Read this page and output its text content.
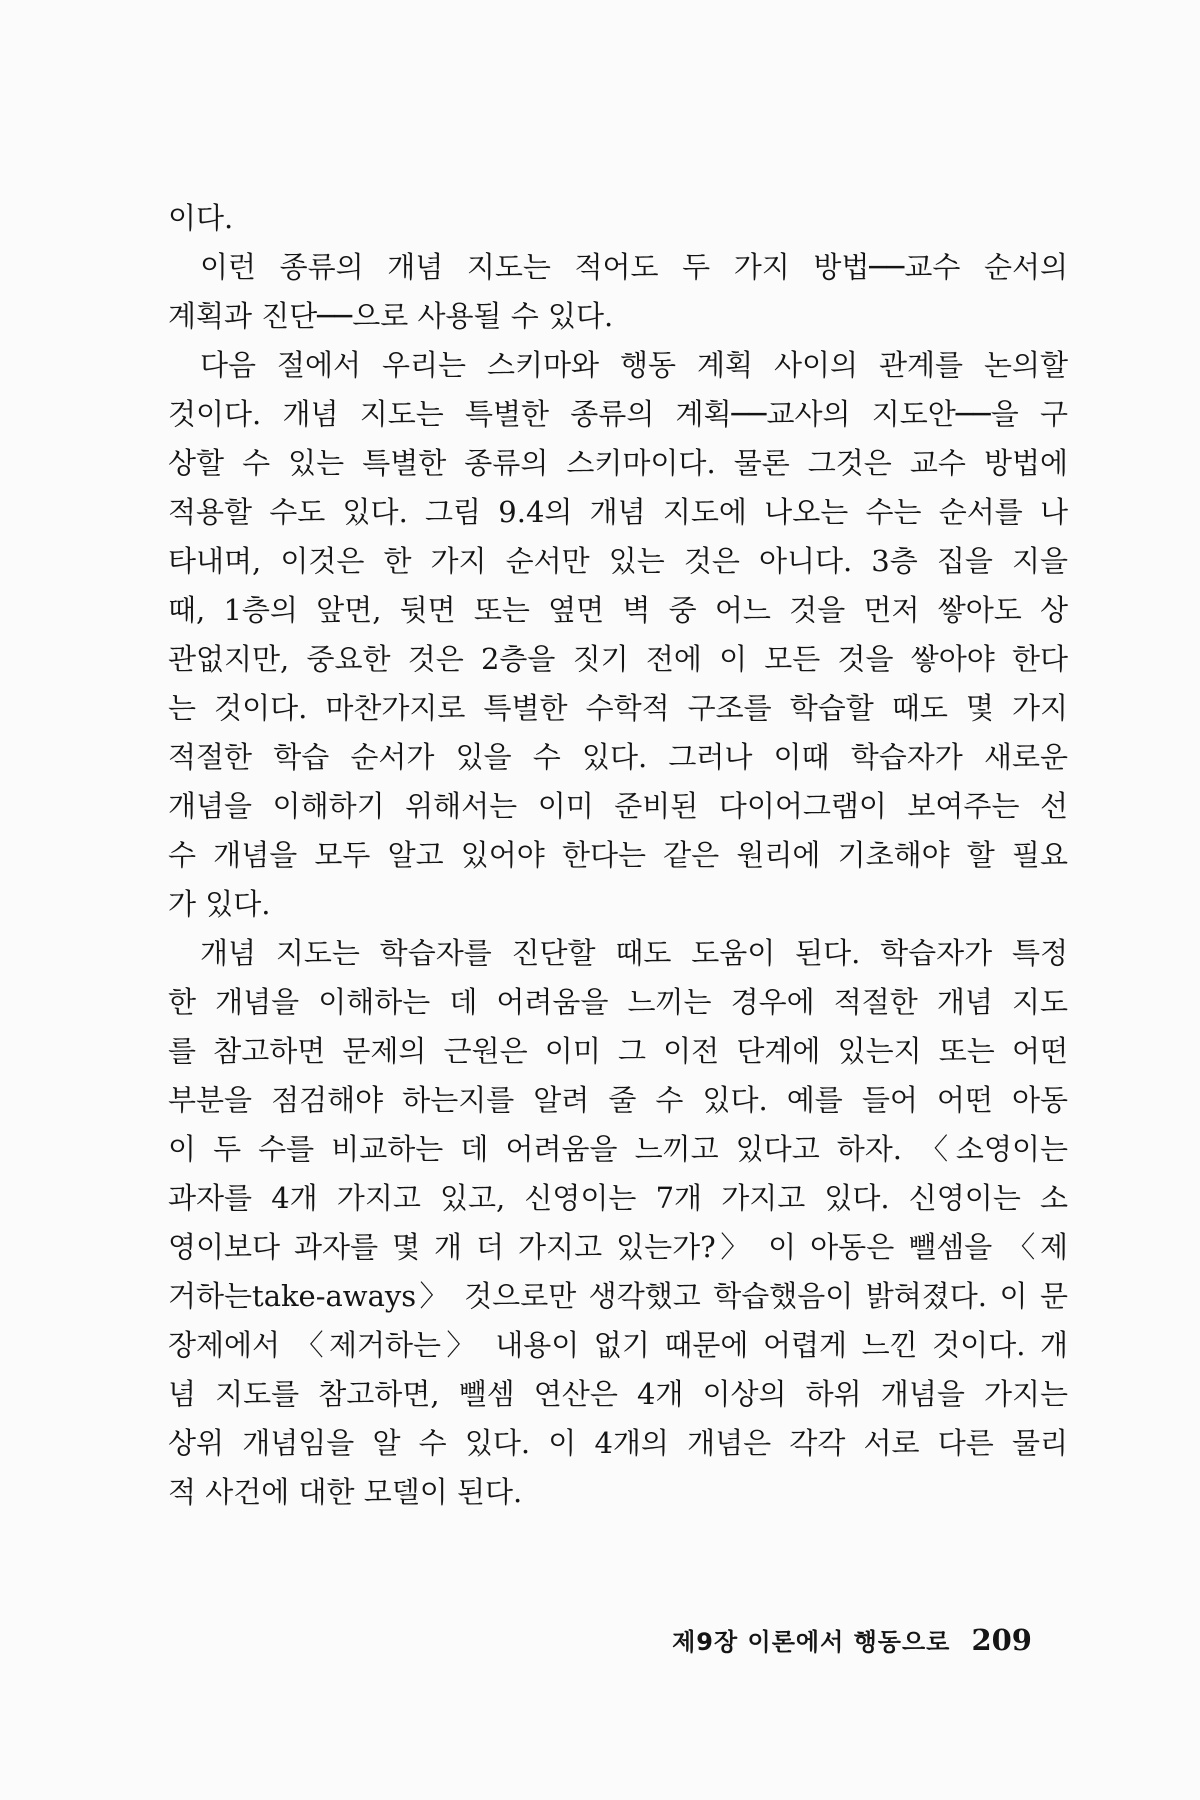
이다.
이런 종류의 개념 지도는 적어도 두 가지 방법──교수 순서의
계획과 진단──으로 사용될 수 있다.
다음 절에서 우리는 스키마와 행동 계획 사이의 관계를 논의할
것이다. 개념 지도는 특별한 종류의 계획──교사의 지도안──을 구
상할 수 있는 특별한 종류의 스키마이다. 물론 그것은 교수 방법에
적용할 수도 있다. 그림 9.4의 개념 지도에 나오는 수는 순서를 나
타내며, 이것은 한 가지 순서만 있는 것은 아니다. 3층 집을 지을
때, 1층의 앞면, 뒷면 또는 옆면 벽 중 어느 것을 먼저 쌓아도 상
관없지만, 중요한 것은 2층을 짓기 전에 이 모든 것을 쌓아야 한다
는 것이다. 마찬가지로 특별한 수학적 구조를 학습할 때도 몇 가지
적절한 학습 순서가 있을 수 있다. 그러나 이때 학습자가 새로운
개념을 이해하기 위해서는 이미 준비된 다이어그램이 보여주는 선
수 개념을 모두 알고 있어야 한다는 같은 원리에 기초해야 할 필요
가 있다.
개념 지도는 학습자를 진단할 때도 도움이 된다. 학습자가 특정
한 개념을 이해하는 데 어려움을 느끼는 경우에 적절한 개념 지도
를 참고하면 문제의 근원은 이미 그 이전 단계에 있는지 또는 어떤
부분을 점검해야 하는지를 알려 줄 수 있다. 예를 들어 어떤 아동
이 두 수를 비교하는 데 어려움을 느끼고 있다고 하자. 〈소영이는
과자를 4개 가지고 있고, 신영이는 7개 가지고 있다. 신영이는 소
영이보다 과자를 몇 개 더 가지고 있는가?〉 이 아동은 뺄셈을 〈제
거하는take-aways〉 것으로만 생각했고 학습했음이 밝혀졌다. 이 문
장제에서 〈제거하는〉 내용이 없기 때문에 어렵게 느낀 것이다. 개
념 지도를 참고하면, 뺄셈 연산은 4개 이상의 하위 개념을 가지는
상위 개념임을 알 수 있다. 이 4개의 개념은 각각 서로 다른 물리
적 사건에 대한 모델이 된다.
제9장 이론에서 행동으로 209
